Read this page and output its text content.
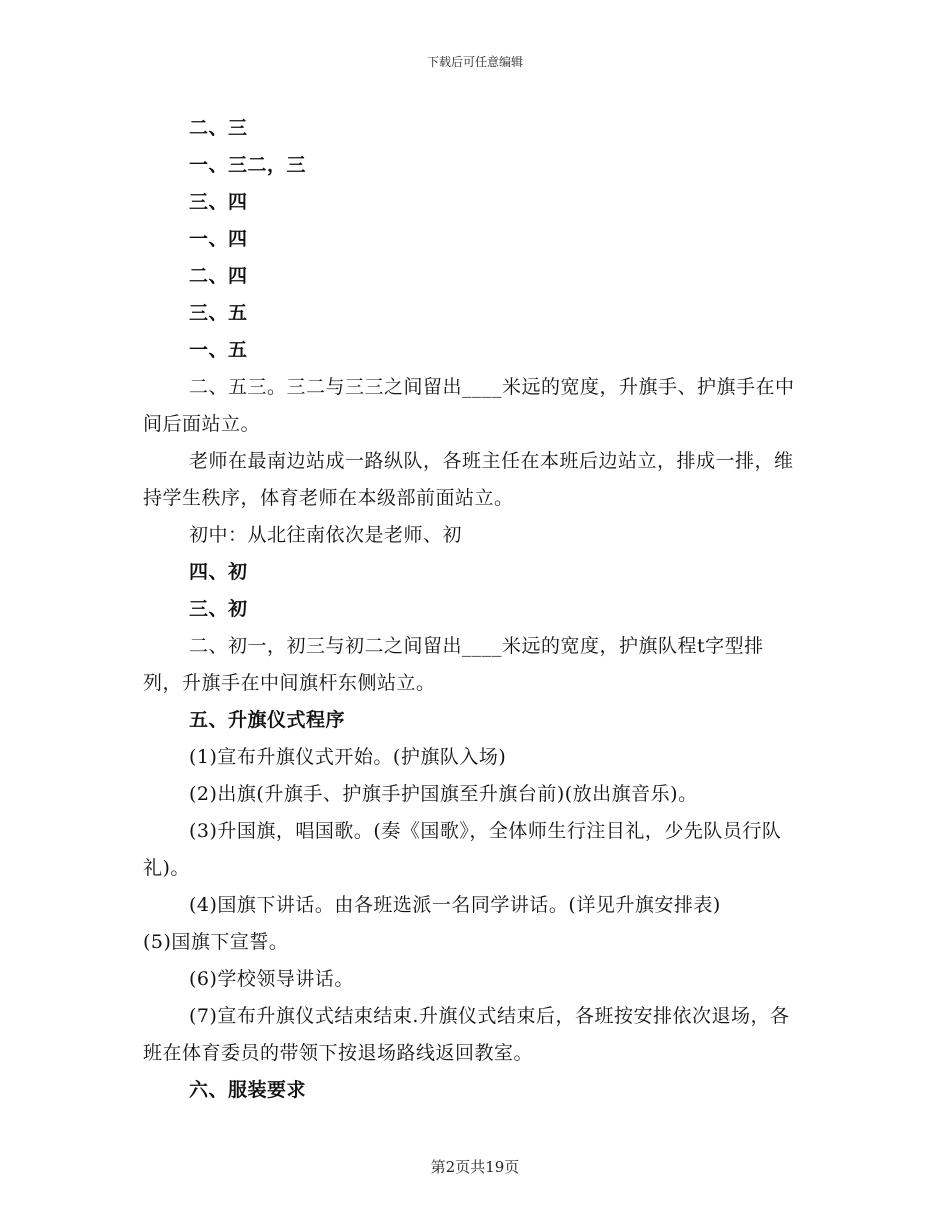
下载后可任意编辑

二、三

一、三二，三

三、四

一、四

二、四

三、五

一、五

二、五三。三二与三三之间留出____米远的宽度，升旗手、护旗手在中间后面站立。

老师在最南边站成一路纵队，各班主任在本班后边站立，排成一排，维持学生秩序，体育老师在本级部前面站立。

初中：从北往南依次是老师、初

四、初

三、初

二、初一，初三与初二之间留出____米远的宽度，护旗队程t字型排列，升旗手在中间旗杆东侧站立。

五、升旗仪式程序

(1)宣布升旗仪式开始。(护旗队入场)

(2)出旗(升旗手、护旗手护国旗至升旗台前)(放出旗音乐)。

(3)升国旗，唱国歌。(奏《国歌》，全体师生行注目礼，少先队员行队礼)。

(4)国旗下讲话。由各班选派一名同学讲话。(详见升旗安排表)

(5)国旗下宣誓。

(6)学校领导讲话。

(7)宣布升旗仪式结束结束.升旗仪式结束后，各班按安排依次退场，各班在体育委员的带领下按退场路线返回教室。

六、服装要求

第2页共19页
